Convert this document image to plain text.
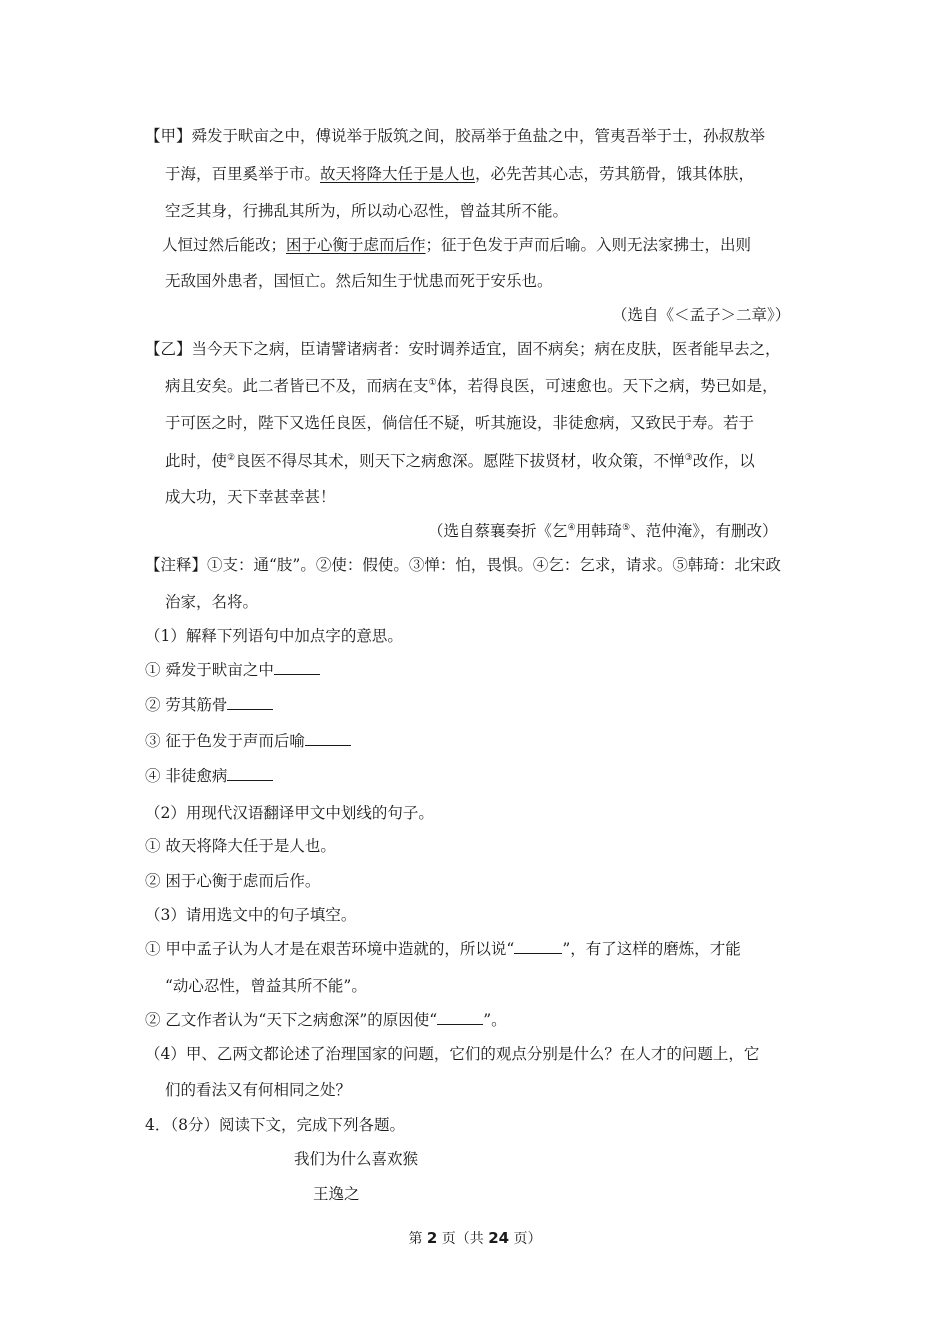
【甲】舜发于畎亩之中，傅说举于版筑之间，胶鬲举于鱼盐之中，管夷吾举于士，孙叔敖举
于海，百里奚举于市。故天将降大任于是人也，必先苦其心志，劳其筋骨，饿其体肤，
空乏其身，行拂乱其所为，所以动心忍性，曾益其所不能。
人恒过然后能改；困于心衡于虑而后作；征于色发于声而后喻。入则无法家拂士，出则
无敌国外患者，国恒亡。然后知生于忧患而死于安乐也。
（选自《＜孟子＞二章》）
【乙】当今天下之病，臣请譬诸病者：安时调养适宜，固不病矣；病在皮肤，医者能早去之，
病且安矣。此二者皆已不及，而病在支①体，若得良医，可速愈也。天下之病，势已如是，
于可医之时，陛下又选任良医，倘信任不疑，听其施设，非徒愈病，又致民于寿。若于
此时，使②良医不得尽其术，则天下之病愈深。愿陛下拔贤材，收众策，不惮③改作，以
成大功，天下幸甚幸甚！
（选自蔡襄奏折《乞④用韩琦⑤、范仲淹》，有删改）
【注释】①支：通“肢”。②使：假使。③惮：怕，畏惧。④乞：乞求，请求。⑤韩琦：北宋政
治家，名将。
（1）解释下列语句中加点字的意思。
① 舜发于畎亩之中
② 劳其筋骨
③ 征于色发于声而后喻
④ 非徒愈病
（2）用现代汉语翻译甲文中划线的句子。
① 故天将降大任于是人也。
② 困于心衡于虑而后作。
（3）请用选文中的句子填空。
① 甲中孟子认为人才是在艰苦环境中造就的，所以说“	”，有了这样的磨炼，才能
“动心忍性，曾益其所不能”。
② 乙文作者认为“天下之病愈深”的原因使“	”。
（4）甲、乙两文都论述了治理国家的问题，它们的观点分别是什么？在人才的问题上，它
们的看法又有何相同之处？
4．（8分）阅读下文，完成下列各题。
我们为什么喜欢猴
王逸之
第 2 页（共 24 页）
